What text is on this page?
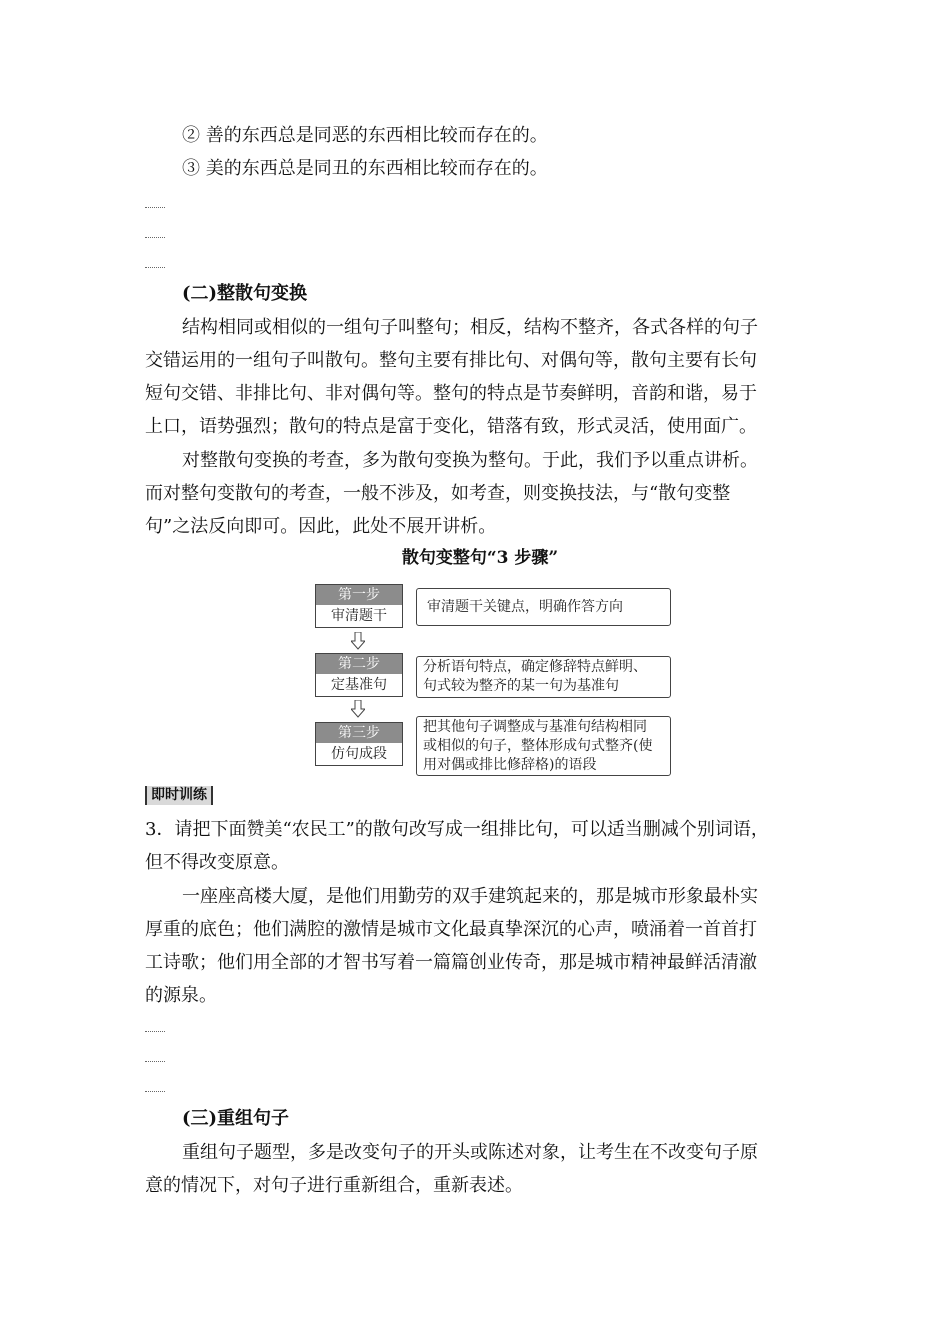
② 善的东西总是同恶的东西相比较而存在的。
③ 美的东西总是同丑的东西相比较而存在的。
(二)整散句变换
结构相同或相似的一组句子叫整句；相反，结构不整齐，各式各样的句子
交错运用的一组句子叫散句。整句主要有排比句、对偶句等，散句主要有长句
短句交错、非排比句、非对偶句等。整句的特点是节奏鲜明，音韵和谐，易于
上口，语势强烈；散句的特点是富于变化，错落有致，形式灵活，使用面广。
对整散句变换的考查，多为散句变换为整句。于此，我们予以重点讲析。
而对整句变散句的考查，一般不涉及，如考查，则变换技法，与“散句变整
句”之法反向即可。因此，此处不展开讲析。
散句变整句“3 步骤”
第一步
审清题干
审清题干关键点，明确作答方向
第二步
定基准句
分析语句特点，确定修辞特点鲜明、
句式较为整齐的某一句为基准句
第三步
仿句成段
把其他句子调整成与基准句结构相同
或相似的句子，整体形成句式整齐(使
用对偶或排比修辞格)的语段
即时训练
3．请把下面赞美“农民工”的散句改写成一组排比句，可以适当删减个别词语，
但不得改变原意。
一座座高楼大厦，是他们用勤劳的双手建筑起来的，那是城市形象最朴实
厚重的底色；他们满腔的激情是城市文化最真挚深沉的心声，喷涌着一首首打
工诗歌；他们用全部的才智书写着一篇篇创业传奇，那是城市精神最鲜活清澈
的源泉。
(三)重组句子
重组句子题型，多是改变句子的开头或陈述对象，让考生在不改变句子原
意的情况下，对句子进行重新组合，重新表述。
